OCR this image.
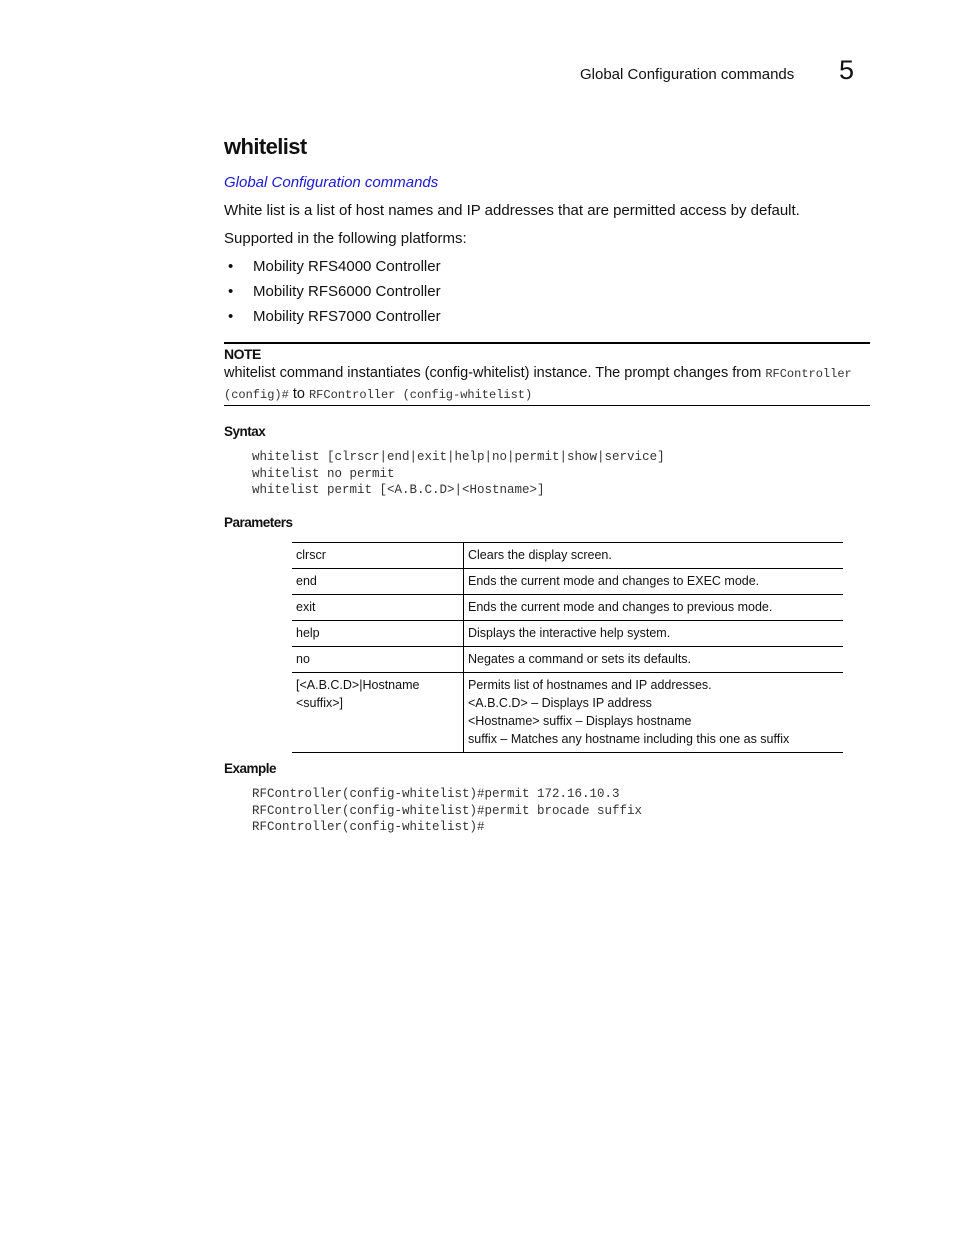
Global Configuration commands 5
whitelist
Global Configuration commands
White list is a list of host names and IP addresses that are permitted access by default.
Supported in the following platforms:
• Mobility RFS4000 Controller
• Mobility RFS6000 Controller
• Mobility RFS7000 Controller
NOTE
whitelist command instantiates (config-whitelist) instance. The prompt changes from RFController
(config)# to RFController (config-whitelist)
Syntax
whitelist [clrscr|end|exit|help|no|permit|show|service]
whitelist no permit
whitelist permit [<A.B.C.D>|<Hostname>]
Parameters
clrscr	Clears the display screen.
end	Ends the current mode and changes to EXEC mode.
exit	Ends the current mode and changes to previous mode.
help	Displays the interactive help system.
no	Negates a command or sets its defaults.
[<A.B.C.D>|Hostname <suffix>]	Permits list of hostnames and IP addresses.
<A.B.C.D> – Displays IP address
<Hostname> suffix – Displays hostname
suffix – Matches any hostname including this one as suffix
Example
RFController(config-whitelist)#permit 172.16.10.3
RFController(config-whitelist)#permit brocade suffix
RFController(config-whitelist)#
